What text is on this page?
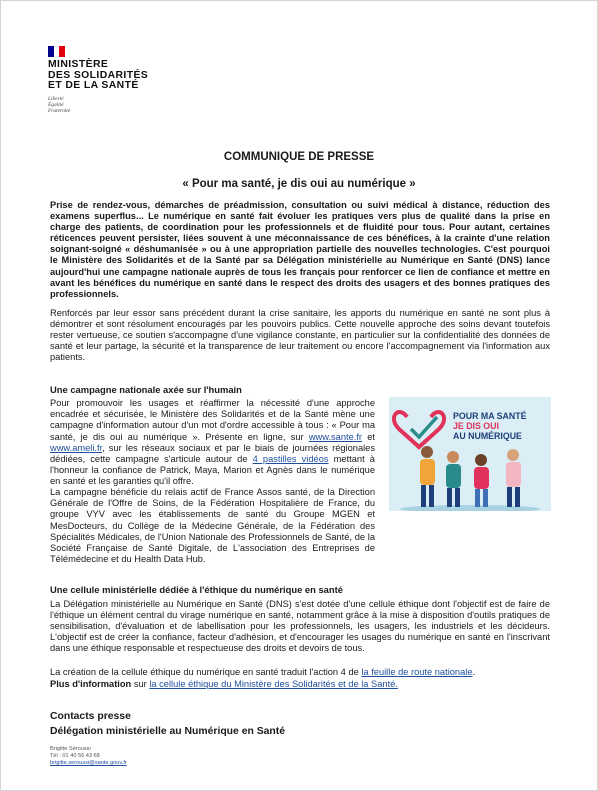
MINISTÈRE
DES SOLIDARITÉS
ET DE LA SANTÉ
Liberté
Égalité
Fraternité
COMMUNIQUE DE PRESSE
« Pour ma santé, je dis oui au numérique »
Prise de rendez-vous, démarches de préadmission, consultation ou suivi médical à distance, réduction des examens superflus... Le numérique en santé fait évoluer les pratiques vers plus de qualité dans la prise en charge des patients, de coordination pour les professionnels et de fluidité pour tous. Pour autant, certaines réticences peuvent persister, liées souvent à une méconnaissance de ces bénéfices, à la crainte d'une relation soignant-soigné « déshumanisée » ou à une appropriation partielle des nouvelles technologies. C'est pourquoi le Ministère des Solidarités et de la Santé par sa Délégation ministérielle au Numérique en Santé (DNS) lance aujourd'hui une campagne nationale auprès de tous les français pour renforcer ce lien de confiance et mettre en avant les bénéfices du numérique en santé dans le respect des droits des usagers et des bonnes pratiques des professionnels.
Renforcés par leur essor sans précédent durant la crise sanitaire, les apports du numérique en santé ne sont plus à démontrer et sont résolument encouragés par les pouvoirs publics. Cette nouvelle approche des soins devant toutefois rester vertueuse, ce soutien s'accompagne d'une vigilance constante, en particulier sur la confidentialité des données de santé et leur partage, la sécurité et la transparence de leur traitement ou encore l'accompagnement via l'information aux patients.
Une campagne nationale axée sur l'humain
Pour promouvoir les usages et réaffirmer la nécessité d'une approche encadrée et sécurisée, le Ministère des Solidarités et de la Santé mène une campagne d'information autour d'un mot d'ordre accessible à tous : « Pour ma santé, je dis oui au numérique ». Présente en ligne, sur www.sante.fr et www.ameli.fr, sur les réseaux sociaux et par le biais de journées régionales dédiées, cette campagne s'articule autour de 4 pastilles vidéos mettant à l'honneur la confiance de Patrick, Maya, Marion et Agnès dans le numérique en santé et les garanties qu'il offre.
La campagne bénéficie du relais actif de France Assos santé, de la Direction Générale de l'Offre de Soins, de la Fédération Hospitalière de France, du groupe VYV avec les établissements de santé du Groupe MGEN et MesDocteurs, du Collège de la Médecine Générale, de la Fédération des Spécialités Médicales, de l'Union Nationale des Professionnels de Santé, de la Société Française de Santé Digitale, de L'association des Entreprises de Télémédecine et du Health Data Hub.
POUR MA SANTÉ
JE DIS OUI
AU NUMÉRIQUE
Une cellule ministérielle dédiée à l'éthique du numérique en santé
La Délégation ministérielle au Numérique en Santé (DNS) s'est dotée d'une cellule éthique dont l'objectif est de faire de l'éthique un élément central du virage numérique en santé, notamment grâce à la mise à disposition d'outils pratiques de sensibilisation, d'évaluation et de labellisation pour les professionnels, les usagers, les industriels et les décideurs. L'objectif est de créer la confiance, facteur d'adhésion, et d'encourager les usages du numérique en santé en l'inscrivant dans une éthique responsable et respectueuse des droits et devoirs de tous.
La création de la cellule éthique du numérique en santé traduit l'action 4 de la feuille de route nationale.
Plus d'information sur la cellule éthique du Ministère des Solidarités et de la Santé.
Contacts presse
Délégation ministérielle au Numérique en Santé
Brigitte Séroussi
Tél : 01 40 56 43 68
brigitte.seroussi@sante.gouv.fr
